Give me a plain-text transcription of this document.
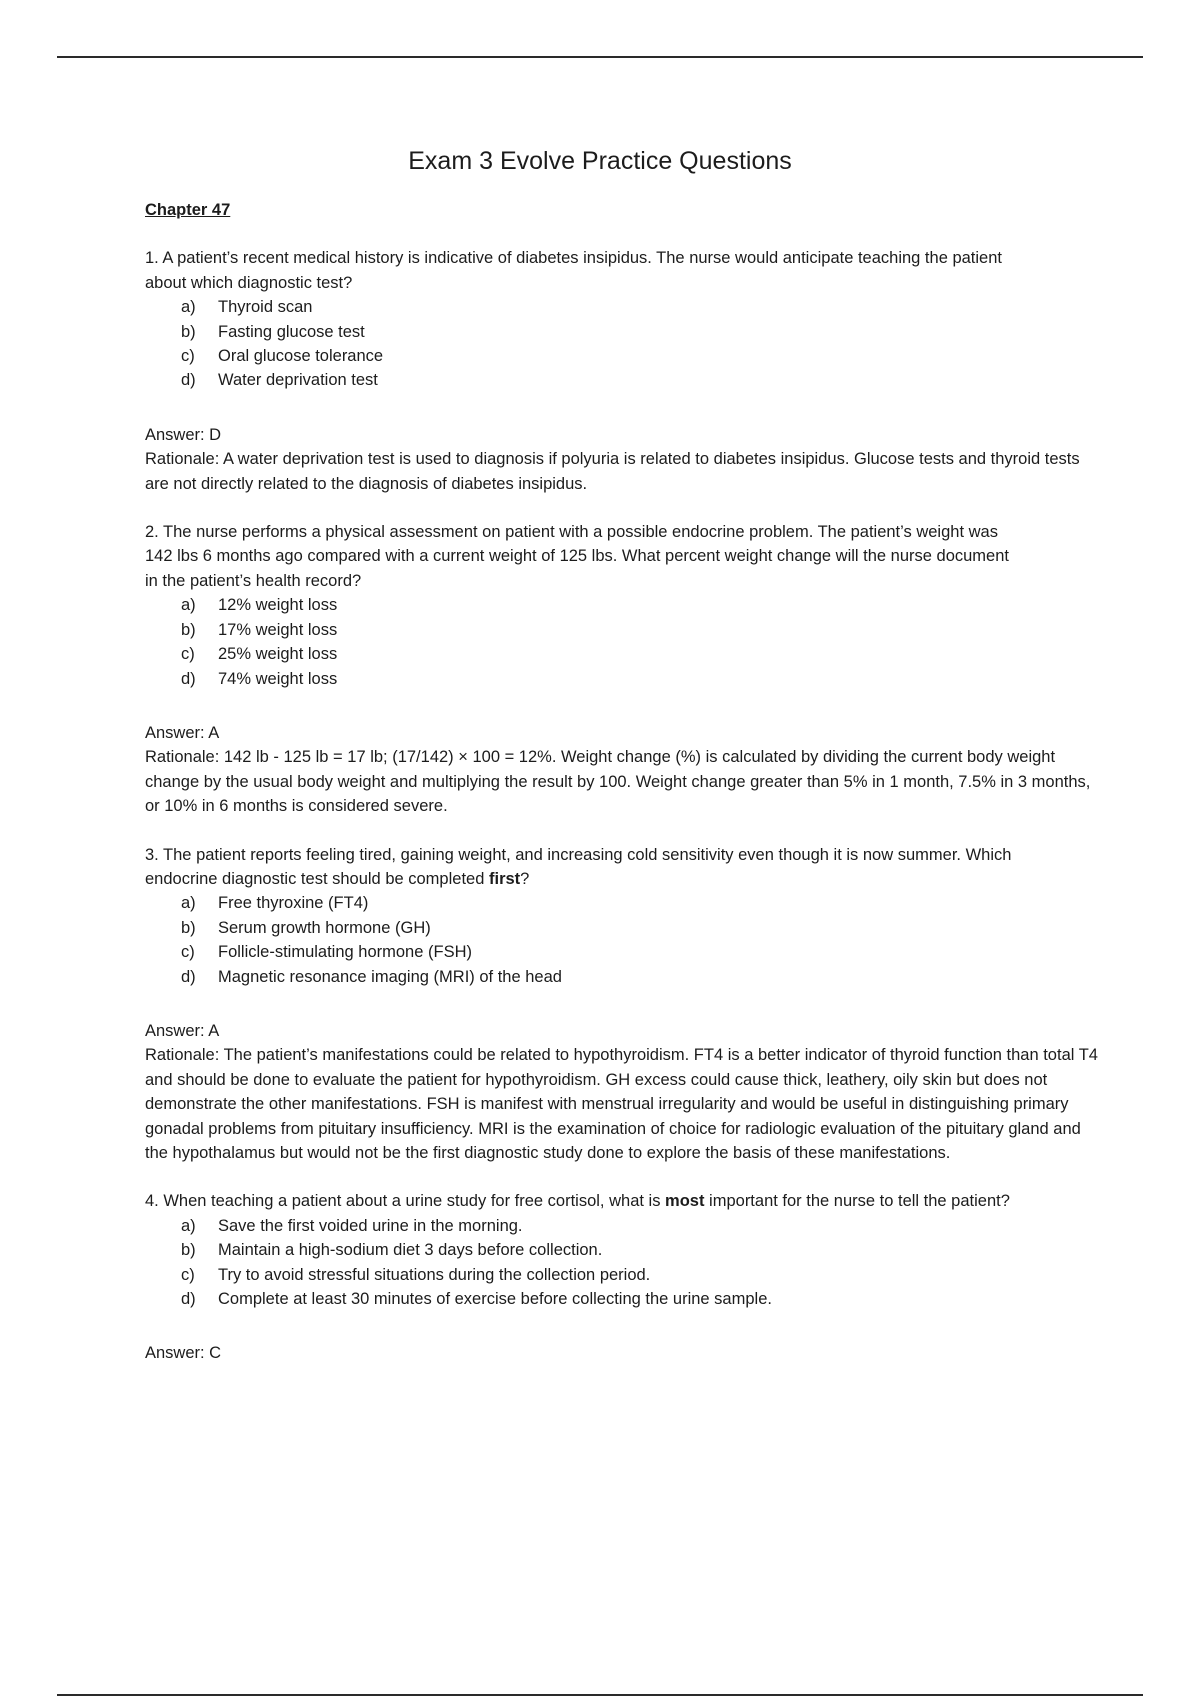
Exam 3 Evolve Practice Questions
Chapter 47
1. A patient’s recent medical history is indicative of diabetes insipidus. The nurse would anticipate teaching the patient about which diagnostic test?
a)	Thyroid scan
b)	Fasting glucose test
c)	Oral glucose tolerance
d)	Water deprivation test
Answer: D

Rationale: A water deprivation test is used to diagnosis if polyuria is related to diabetes insipidus. Glucose tests and thyroid tests are not directly related to the diagnosis of diabetes insipidus.

2. The nurse performs a physical assessment on patient with a possible endocrine problem. The patient’s weight was 142 lbs 6 months ago compared with a current weight of 125 lbs. What percent weight change will the nurse document in the patient’s health record?
a)	12% weight loss
b)	17% weight loss
c)	25% weight loss
d)	74% weight loss
Answer: A

Rationale: 142 lb - 125 lb = 17 lb; (17/142) × 100 = 12%. Weight change (%) is calculated by dividing the current body weight change by the usual body weight and multiplying the result by 100. Weight change greater than 5% in 1 month, 7.5% in 3 months, or 10% in 6 months is considered severe.

3. The patient reports feeling tired, gaining weight, and increasing cold sensitivity even though it is now summer. Which endocrine diagnostic test should be completed first?
a)	Free thyroxine (FT4)
b)	Serum growth hormone (GH)
c)	Follicle-stimulating hormone (FSH)
d)	Magnetic resonance imaging (MRI) of the head
Answer: A

Rationale: The patient’s manifestations could be related to hypothyroidism. FT4 is a better indicator of thyroid function than total T4 and should be done to evaluate the patient for hypothyroidism. GH excess could cause thick, leathery, oily skin but does not demonstrate the other manifestations. FSH is manifest with menstrual irregularity and would be useful in distinguishing primary gonadal problems from pituitary insufficiency. MRI is the examination of choice for radiologic evaluation of the pituitary gland and the hypothalamus but would not be the first diagnostic study done to explore the basis of these manifestations.

4. When teaching a patient about a urine study for free cortisol, what is most important for the nurse to tell the patient?
a)	Save the first voided urine in the morning.
b)	Maintain a high-sodium diet 3 days before collection.
c)	Try to avoid stressful situations during the collection period.
d)	Complete at least 30 minutes of exercise before collecting the urine sample.
Answer: C
